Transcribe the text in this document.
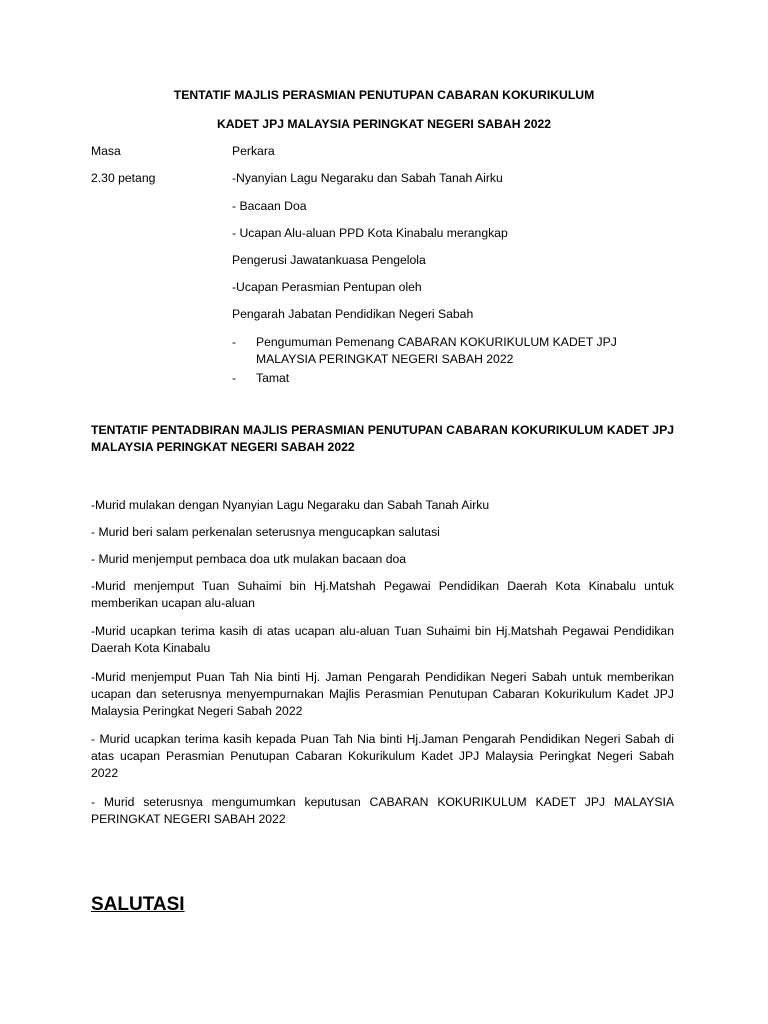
TENTATIF MAJLIS PERASMIAN PENUTUPAN CABARAN KOKURIKULUM
KADET JPJ MALAYSIA PERINGKAT NEGERI SABAH 2022
Masa	Perkara
2.30 petang	-Nyanyian Lagu Negaraku dan Sabah Tanah Airku
- Bacaan Doa
- Ucapan Alu-aluan PPD Kota Kinabalu merangkap
Pengerusi Jawatankuasa Pengelola
-Ucapan Perasmian Pentupan oleh
Pengarah Jabatan Pendidikan Negeri Sabah
- Pengumuman Pemenang CABARAN KOKURIKULUM KADET JPJ
MALAYSIA PERINGKAT NEGERI SABAH 2022
- Tamat
TENTATIF PENTADBIRAN MAJLIS PERASMIAN PENUTUPAN CABARAN KOKURIKULUM KADET JPJ MALAYSIA PERINGKAT NEGERI SABAH 2022
-Murid mulakan dengan Nyanyian Lagu Negaraku dan Sabah Tanah Airku
- Murid beri salam perkenalan seterusnya mengucapkan salutasi
- Murid menjemput pembaca doa utk mulakan bacaan doa
-Murid menjemput Tuan Suhaimi bin Hj.Matshah Pegawai Pendidikan Daerah Kota Kinabalu untuk memberikan ucapan alu-aluan
-Murid ucapkan terima kasih di atas ucapan alu-aluan Tuan Suhaimi bin Hj.Matshah Pegawai Pendidikan Daerah Kota Kinabalu
-Murid menjemput Puan Tah Nia binti Hj. Jaman Pengarah Pendidikan Negeri Sabah untuk memberikan ucapan dan seterusnya menyempurnakan Majlis Perasmian Penutupan Cabaran Kokurikulum Kadet JPJ Malaysia Peringkat Negeri Sabah 2022
- Murid ucapkan terima kasih kepada Puan Tah Nia binti Hj.Jaman Pengarah Pendidikan Negeri Sabah di atas ucapan Perasmian Penutupan Cabaran Kokurikulum Kadet JPJ Malaysia Peringkat Negeri Sabah 2022
- Murid seterusnya mengumumkan keputusan CABARAN KOKURIKULUM KADET JPJ MALAYSIA PERINGKAT NEGERI SABAH 2022
SALUTASI
